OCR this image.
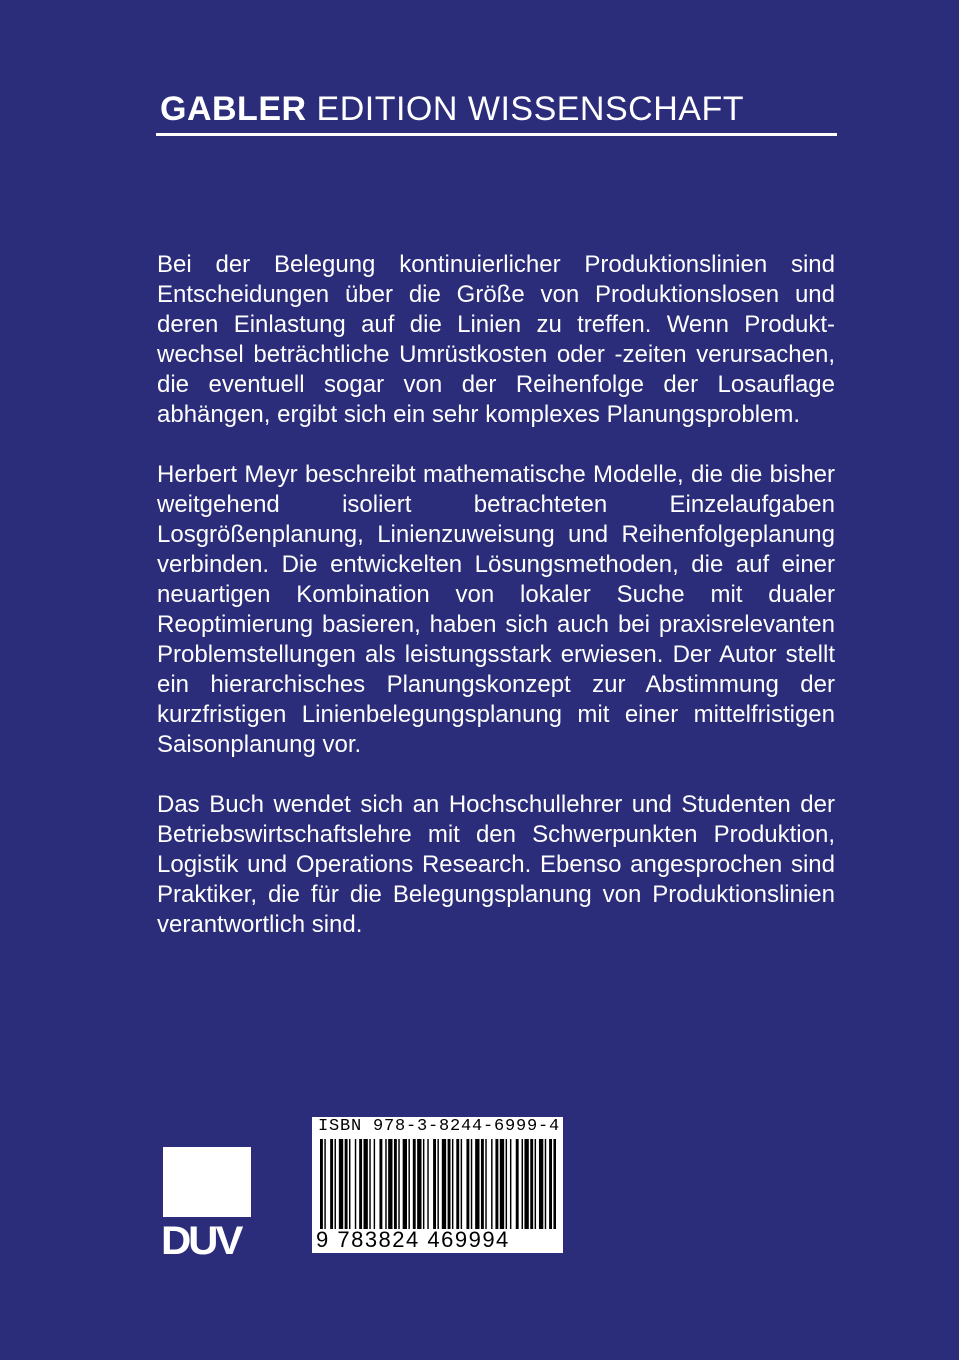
GABLER EDITION WISSENSCHAFT

Bei der Belegung kontinuierlicher Produktionslinien sind Entscheidungen über die Größe von Produktionslosen und deren Einlastung auf die Linien zu treffen. Wenn Produktwechsel beträchtliche Umrüstkosten oder -zeiten verursachen, die eventuell sogar von der Reihenfolge der Losauflage abhängen, ergibt sich ein sehr komplexes Planungsproblem.

Herbert Meyr beschreibt mathematische Modelle, die die bisher weitgehend isoliert betrachteten Einzelaufgaben Losgrößenplanung, Linienzuweisung und Reihenfolgeplanung verbinden. Die entwickelten Lösungsmethoden, die auf einer neuartigen Kombination von lokaler Suche mit dualer Reoptimierung basieren, haben sich auch bei praxisrelevanten Problemstellungen als leistungsstark erwiesen. Der Autor stellt ein hierarchisches Planungskonzept zur Abstimmung der kurzfristigen Linienbelegungsplanung mit einer mittelfristigen Saisonplanung vor.

Das Buch wendet sich an Hochschullehrer und Studenten der Betriebswirtschaftslehre mit den Schwerpunkten Produktion, Logistik und Operations Research. Ebenso angesprochen sind Praktiker, die für die Belegungsplanung von Produktionslinien verantwortlich sind.

DUV
ISBN 978-3-8244-6999-4
9 783824 469994
